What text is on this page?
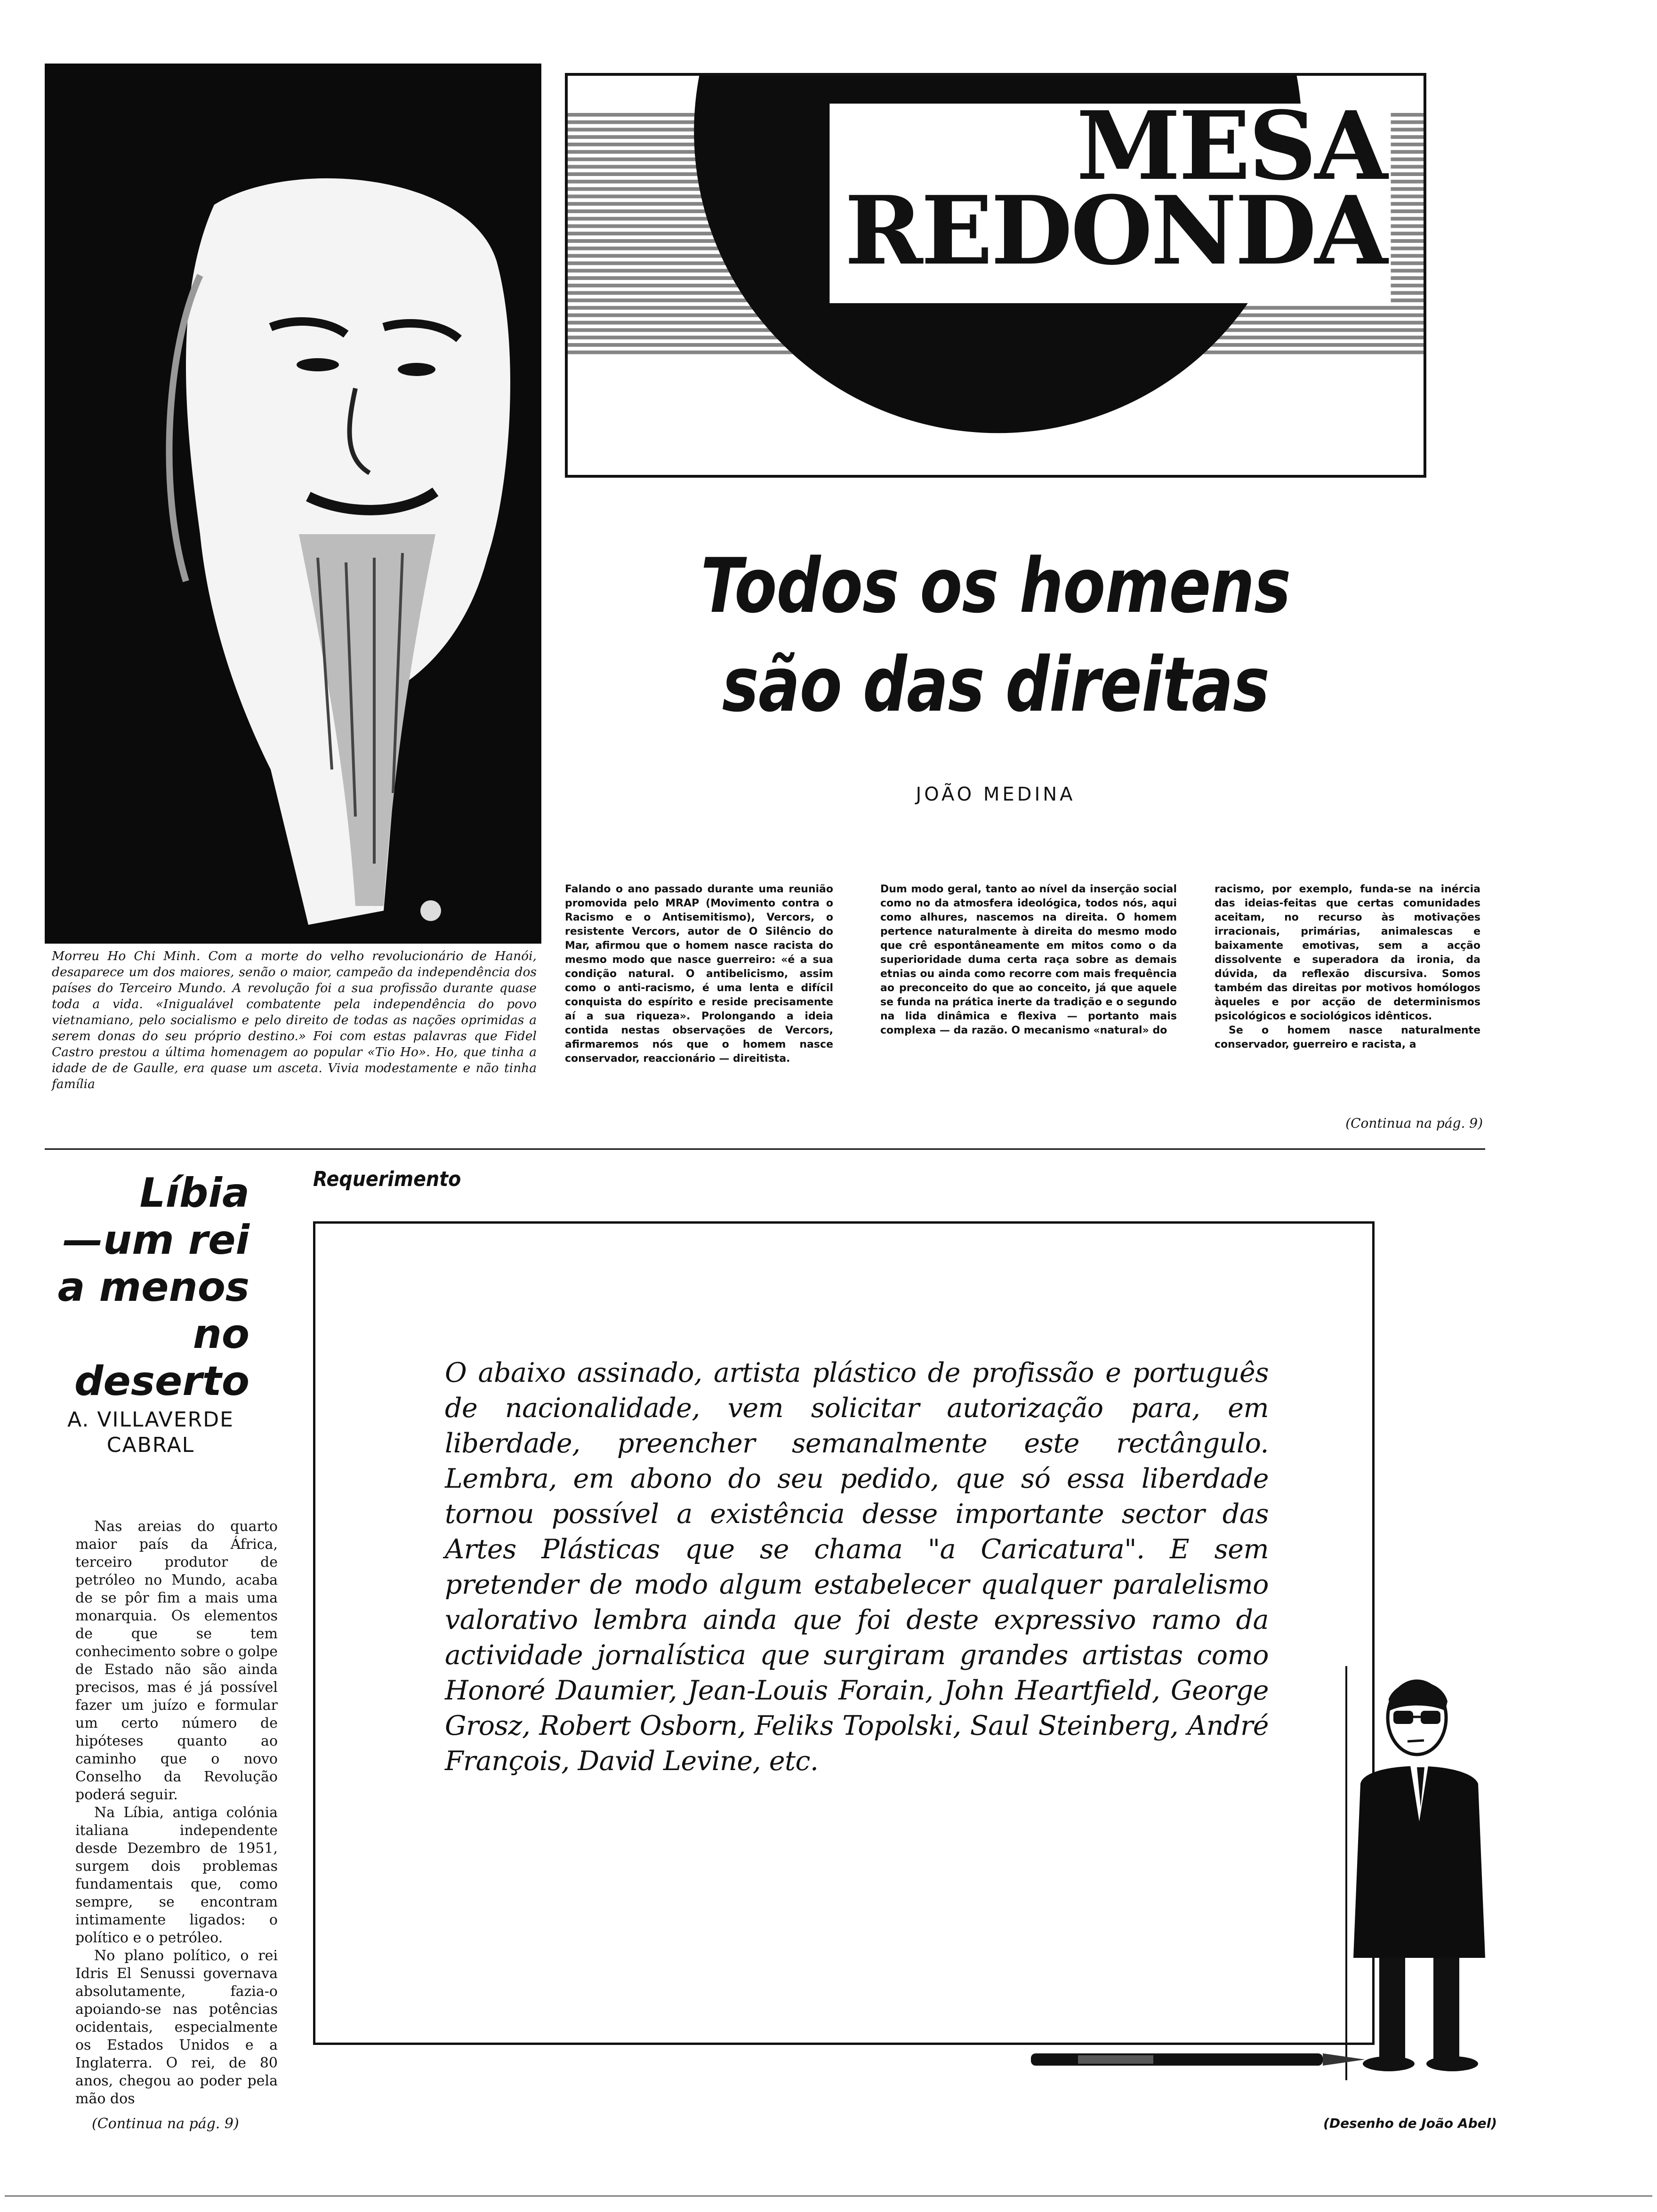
Morreu Ho Chi Minh. Com a morte do velho revolucionário de Hanói, desaparece um dos maiores, senão o maior, campeão da independência dos países do Terceiro Mundo. A revolução foi a sua profissão durante quase toda a vida. «Inigualável combatente pela independência do povo vietnamiano, pelo socialismo e pelo direito de todas as nações oprimidas a serem donas do seu próprio destino.» Foi com estas palavras que Fidel Castro prestou a última homenagem ao popular «Tio Ho». Ho, que tinha a idade de de Gaulle, era quase um asceta. Vivia modestamente e não tinha família
MESA
REDONDA
Todos os homens
são das direitas
JOÃO MEDINA
Falando o ano passado durante uma reunião promovida pelo MRAP (Movimento contra o Racismo e o Antisemitismo), Vercors, o resistente Vercors, autor de O Silêncio do Mar, afirmou que o homem nasce racista do mesmo modo que nasce guerreiro: «é a sua condição natural. O antibelicismo, assim como o anti-racismo, é uma lenta e difícil conquista do espírito e reside precisamente aí a sua riqueza». Prolongando a ideia contida nestas observações de Vercors, afirmaremos nós que o homem nasce conservador, reaccionário — direitista.
Dum modo geral, tanto ao nível da inserção social como no da atmosfera ideológica, todos nós, aqui como alhures, nascemos na direita. O homem pertence naturalmente à direita do mesmo modo que crê espontâneamente em mitos como o da superioridade duma certa raça sobre as demais etnias ou ainda como recorre com mais frequência ao preconceito do que ao conceito, já que aquele se funda na prática inerte da tradição e o segundo na lida dinâmica e flexiva — portanto mais complexa — da razão. O mecanismo «natural» do

racismo, por exemplo, funda-se na inércia das ideias-feitas que certas comunidades aceitam, no recurso às motivações irracionais, primárias, animalescas e baixamente emotivas, sem a acção dissolvente e superadora da ironia, da dúvida, da reflexão discursiva. Somos também das direitas por motivos homólogos àqueles e por acção de determinismos psicológicos e sociológicos idênticos.

Se o homem nasce naturalmente conservador, guerreiro e racista, a

(Continua na pág. 9)
Líbia
—um rei
a menos
no deserto
A. VILLAVERDE
CABRAL

Nas areias do quarto maior país da África, terceiro produtor de petróleo no Mundo, acaba de se pôr fim a mais uma monarquia. Os elementos de que se tem conhecimento sobre o golpe de Estado não são ainda precisos, mas é já possível fazer um juízo e formular um certo número de hipóteses quanto ao caminho que o novo Conselho da Revolução poderá seguir.

Na Líbia, antiga colónia italiana independente desde Dezembro de 1951, surgem dois problemas fundamentais que, como sempre, se encontram intimamente ligados: o político e o petróleo.

No plano político, o rei Idris El Senussi governava absolutamente, fazia-o apoiando-se nas potências ocidentais, especialmente os Estados Unidos e a Inglaterra. O rei, de 80 anos, chegou ao poder pela mão dos

(Continua na pág. 9)
Requerimento
O abaixo assinado, artista plástico de profissão e português de nacionalidade, vem solicitar autorização para, em liberdade, preencher semanalmente este rectângulo. Lembra, em abono do seu pedido, que só essa liberdade tornou possível a existência desse importante sector das Artes Plásticas que se chama "a Caricatura". E sem pretender de modo algum estabelecer qualquer paralelismo valorativo lembra ainda que foi deste expressivo ramo da actividade jornalística que surgiram grandes artistas como Honoré Daumier, Jean-Louis Forain, John Heartfield, George Grosz, Robert Osborn, Feliks Topolski, Saul Steinberg, André François, David Levine, etc.
(Desenho de João Abel)
